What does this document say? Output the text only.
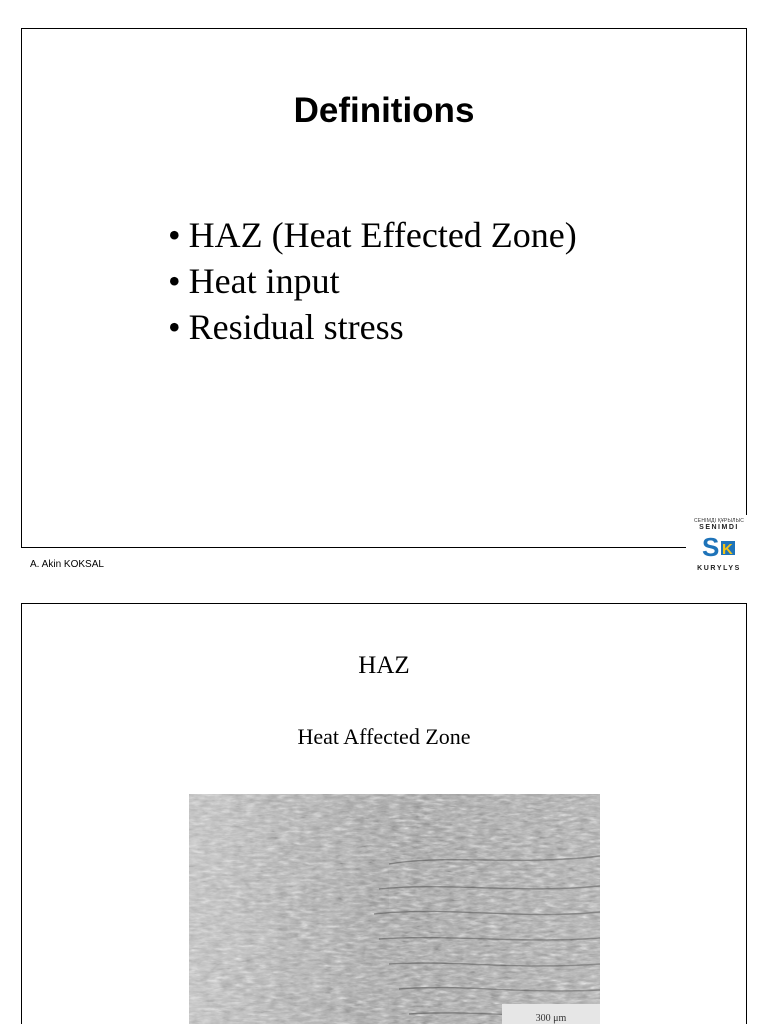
Definitions
• HAZ (Heat Effected Zone)
• Heat input
• Residual stress
A. Akin KOKSAL
СЕНІМДІ ҚҰРЫЛЫС
SENIMDI
S K
KURYLYS
HAZ
Heat Affected Zone
300 μm
